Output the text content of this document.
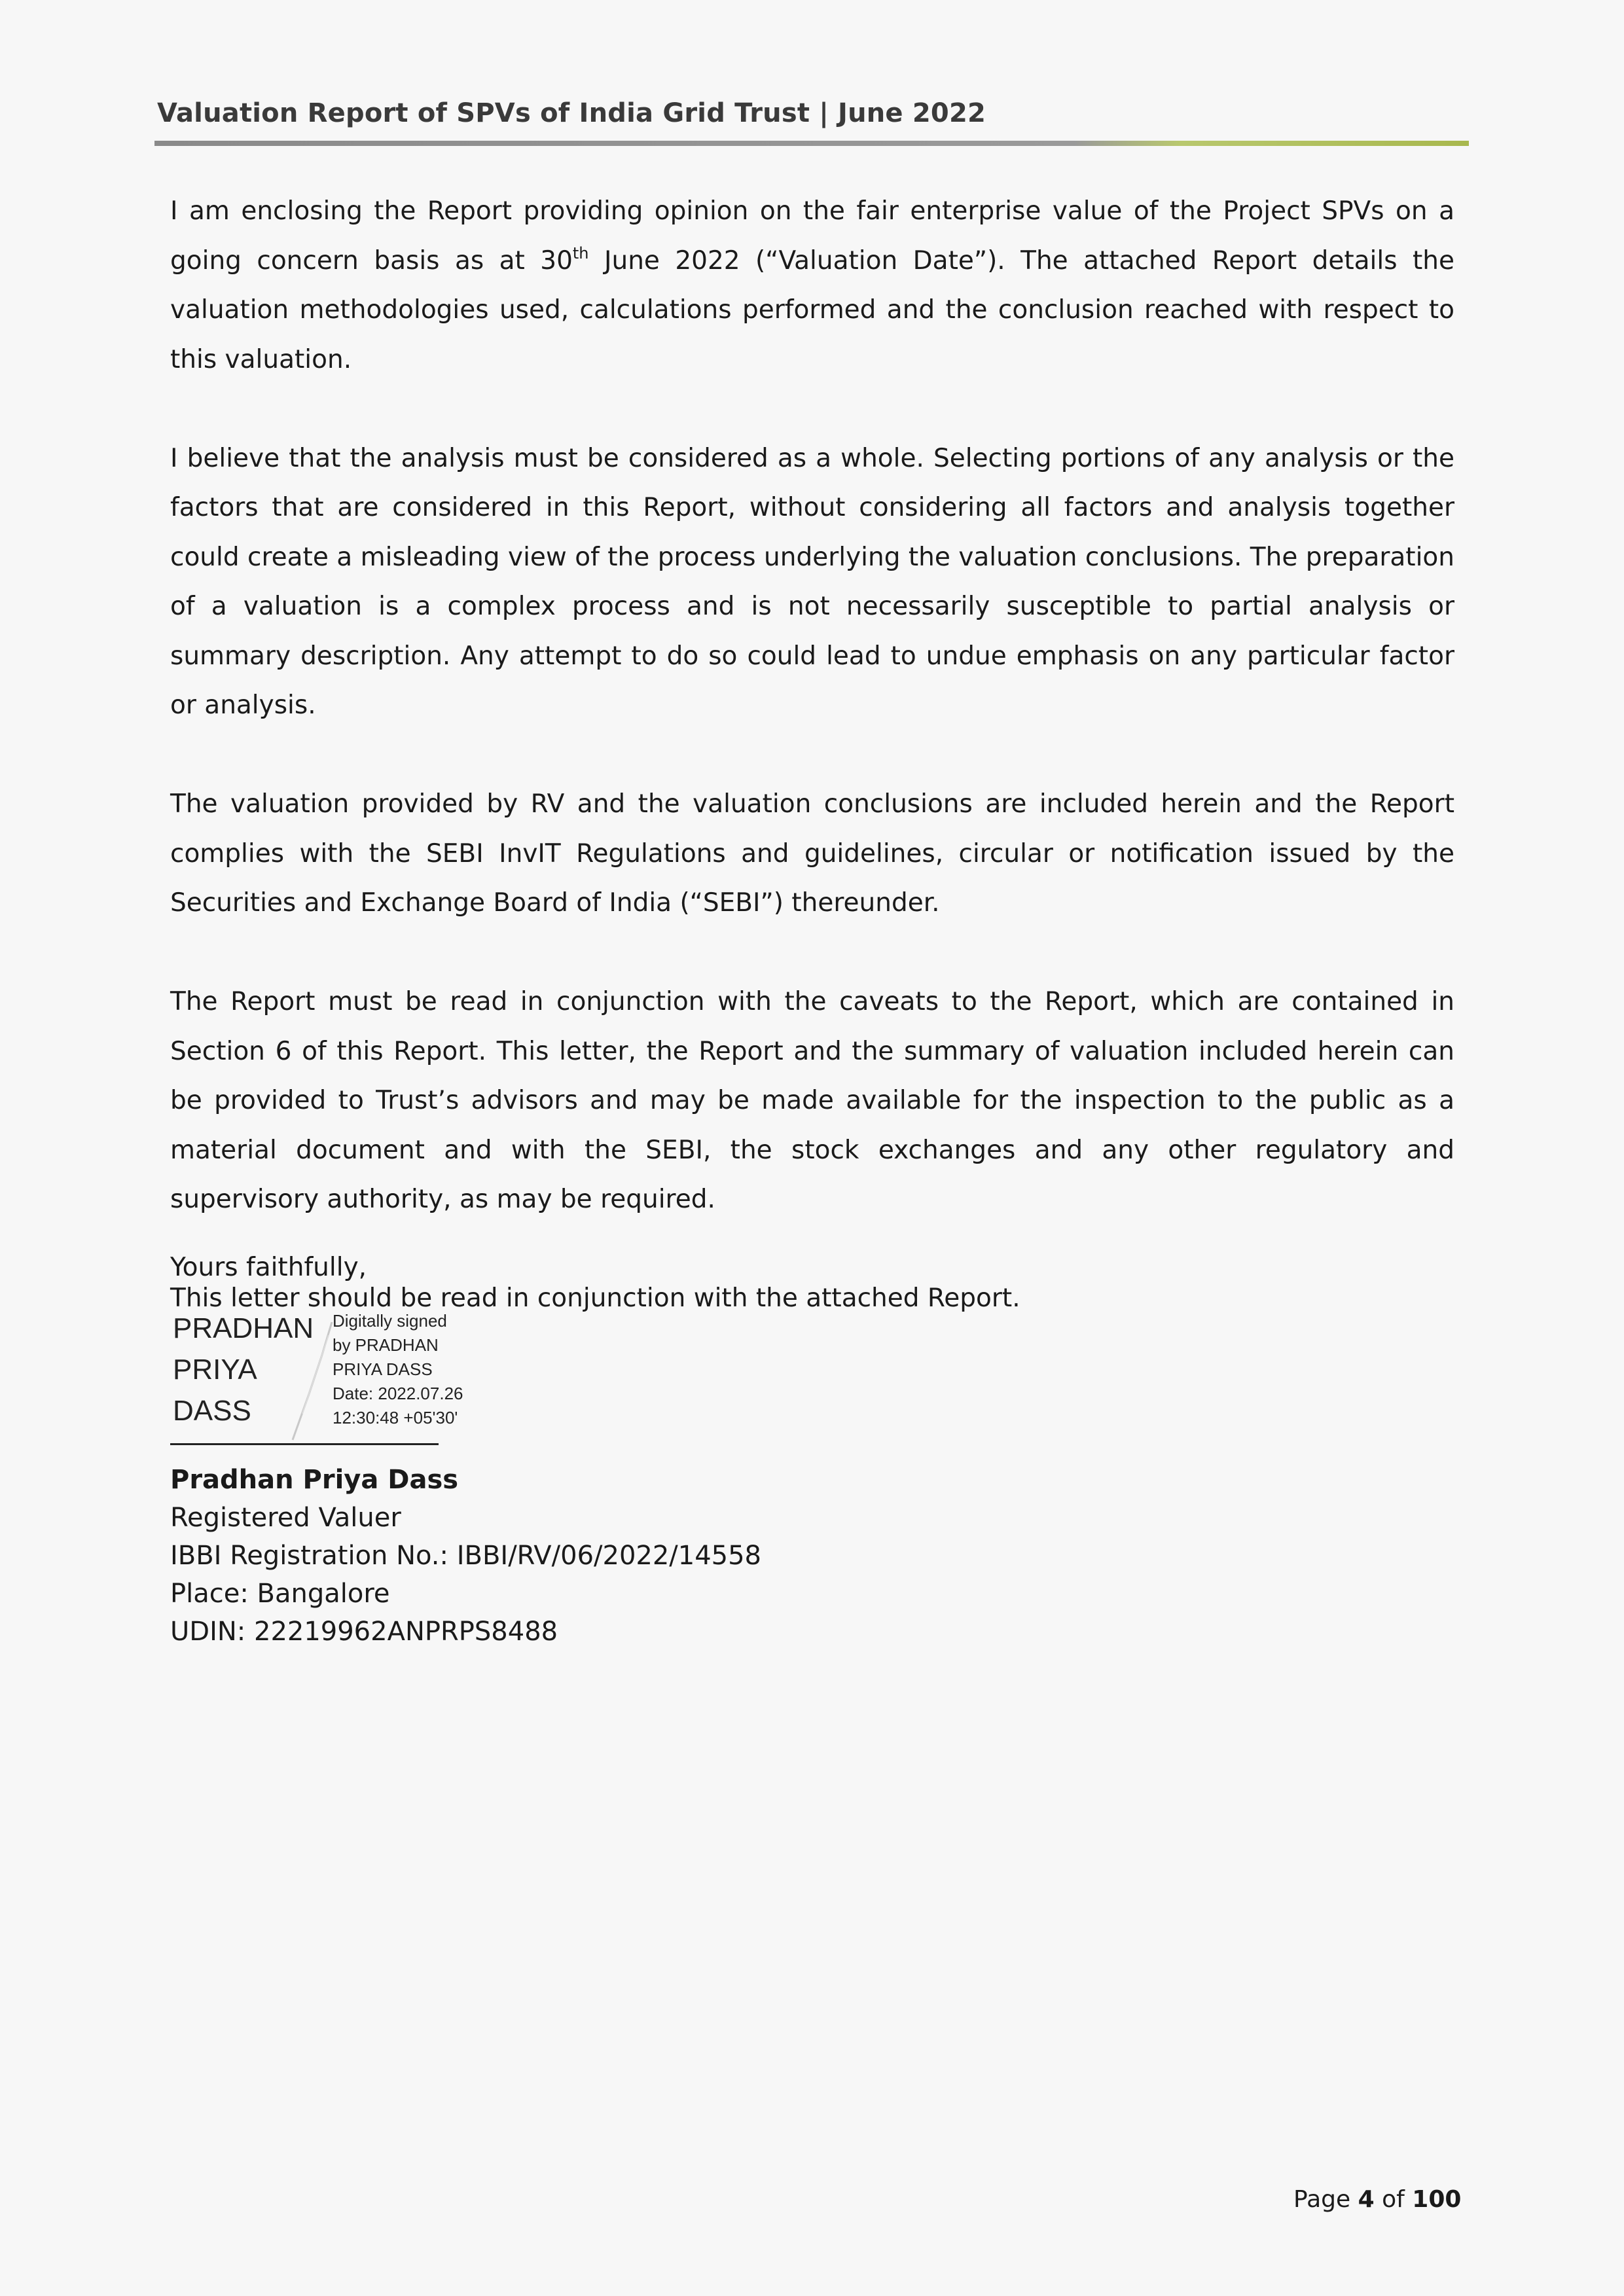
Valuation Report of SPVs of India Grid Trust | June 2022

I am enclosing the Report providing opinion on the fair enterprise value of the Project SPVs on a going concern basis as at 30th June 2022 (“Valuation Date”). The attached Report details the valuation methodologies used, calculations performed and the conclusion reached with respect to this valuation.

I believe that the analysis must be considered as a whole. Selecting portions of any analysis or the factors that are considered in this Report, without considering all factors and analysis together could create a misleading view of the process underlying the valuation conclusions. The preparation of a valuation is a complex process and is not necessarily susceptible to partial analysis or summary description. Any attempt to do so could lead to undue emphasis on any particular factor or analysis.

The valuation provided by RV and the valuation conclusions are included herein and the Report complies with the SEBI InvIT Regulations and guidelines, circular or notification issued by the Securities and Exchange Board of India (“SEBI”) thereunder.

The Report must be read in conjunction with the caveats to the Report, which are contained in Section 6 of this Report. This letter, the Report and the summary of valuation included herein can be provided to Trust’s advisors and may be made available for the inspection to the public as a material document and with the SEBI, the stock exchanges and any other regulatory and supervisory authority, as may be required.

This letter should be read in conjunction with the attached Report.

Yours faithfully,
PRADHAN
PRIYA
DASS
Digitally signed
by PRADHAN
PRIYA DASS
Date: 2022.07.26
12:30:48 +05'30'
Pradhan Priya Dass
Registered Valuer
IBBI Registration No.: IBBI/RV/06/2022/14558
Place: Bangalore
UDIN: 22219962ANPRPS8488
Page 4 of 100
